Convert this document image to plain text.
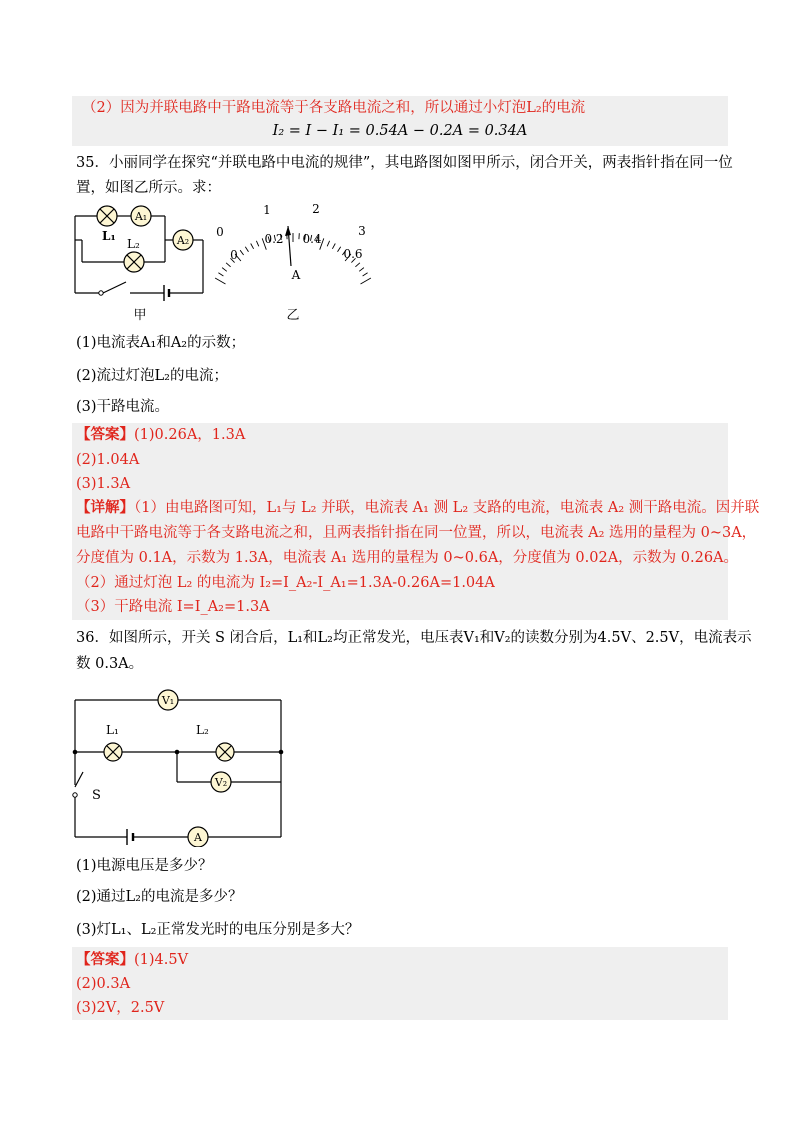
（2）因为并联电路中干路电流等于各支路电流之和，所以通过小灯泡L₂的电流
I₂ = I − I₁ = 0.54A − 0.2A = 0.34A
35．小丽同学在探究“并联电路中电流的规律”，其电路图如图甲所示，闭合开关，两表指针指在同一位
置，如图乙所示。求：
A₁
A₂
L₁
L₂
甲
0
1	2
3
0
0.2 0.4
0.6
A
乙
(1)电流表A₁和A₂的示数；
(2)流过灯泡L₂的电流；
(3)干路电流。
【答案】(1)0.26A，1.3A
(2)1.04A
(3)1.3A
【详解】（1）由电路图可知，L₁与 L₂ 并联，电流表 A₁ 测 L₂ 支路的电流，电流表 A₂ 测干路电流。因并联
电路中干路电流等于各支路电流之和，且两表指针指在同一位置，所以，电流表 A₂ 选用的量程为 0~3A，
分度值为 0.1A，示数为 1.3A，电流表 A₁ 选用的量程为 0~0.6A，分度值为 0.02A，示数为 0.26A。
（2）通过灯泡 L₂ 的电流为 I₂=I_A₂-I_A₁=1.3A-0.26A=1.04A
（3）干路电流 I=I_A₂=1.3A
36．如图所示，开关 S 闭合后，L₁和L₂均正常发光，电压表V₁和V₂的读数分别为4.5V、2.5V，电流表示
数 0.3A。
V₁
V₂
A
L₁	L₂
S
(1)电源电压是多少？
(2)通过L₂的电流是多少？
(3)灯L₁、L₂正常发光时的电压分别是多大？
【答案】(1)4.5V
(2)0.3A
(3)2V，2.5V
